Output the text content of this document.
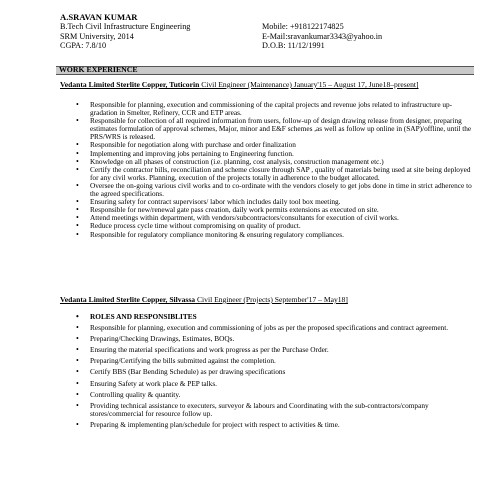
A.SRAVAN KUMAR
B.Tech Civil Infrastructure Engineering
SRM University, 2014
CGPA: 7.8/10

Mobile: +918122174825
E-Mail:sravankumar3343@yahoo.in
D.O.B: 11/12/1991
WORK EXPERIENCE
Vedanta Limited Sterlite Copper, Tuticorin Civil Engineer (Maintenance) January'15 – August 17, June18–present]
• Responsible for planning, execution and commissioning of the capital projects and revenue jobs related to infrastructure up- gradation in Smelter, Refinery, CCR and ETP areas.
• Responsible for collection of all required information from users, follow-up of design drawing release from designer, preparing estimates formulation of approval schemes, Major, minor and E&F schemes ,as well as follow up online in (SAP)/offline, until the PRS/WRS is released.
• Responsible for negotiation along with purchase and order finalization
• Implementing and improving jobs pertaining to Engineering function.
• Knowledge on all phases of construction (i.e. planning, cost analysis, construction management etc.)
• Certify the contractor bills, reconciliation and scheme closure through SAP , quality of materials being used at site being deployed for any civil works. Planning, execution of the projects totally in adherence to the budget allocated.
• Oversee the on-going various civil works and to co-ordinate with the vendors closely to get jobs done in time in strict adherence to the agreed specifications.
• Ensuring safety for contract supervisors/ labor which includes daily tool box meeting.
• Responsible for new/renewal gate pass creation, daily work permits extensions as executed on site.
• Attend meetings within department, with vendors/subcontractors/consultants for execution of civil works.
• Reduce process cycle time without compromising on quality of product.
• Responsible for regulatory compliance monitoring & ensuring regulatory compliances.
Vedanta Limited Sterlite Copper, Silvassa Civil Engineer (Projects) September'17 – May18]
• ROLES AND RESPONSIBLITES
• Responsible for planning, execution and commissioning of jobs as per the proposed specifications and contract agreement.
• Preparing/Checking Drawings, Estimates, BOQs.
• Ensuring the material specifications and work progress as per the Purchase Order.
• Preparing/Certifying the bills submitted against the completion.
• Certify BBS (Bar Bending Schedule) as per drawing specifications
• Ensuring Safety at work place & PEP talks.
• Controlling quality & quantity.
• Providing technical assistance to executers, surveyor & labours and Coordinating with the sub-contractors/company stores/commercial for resource follow up.
• Preparing & implementing plan/schedule for project with respect to activities & time.
